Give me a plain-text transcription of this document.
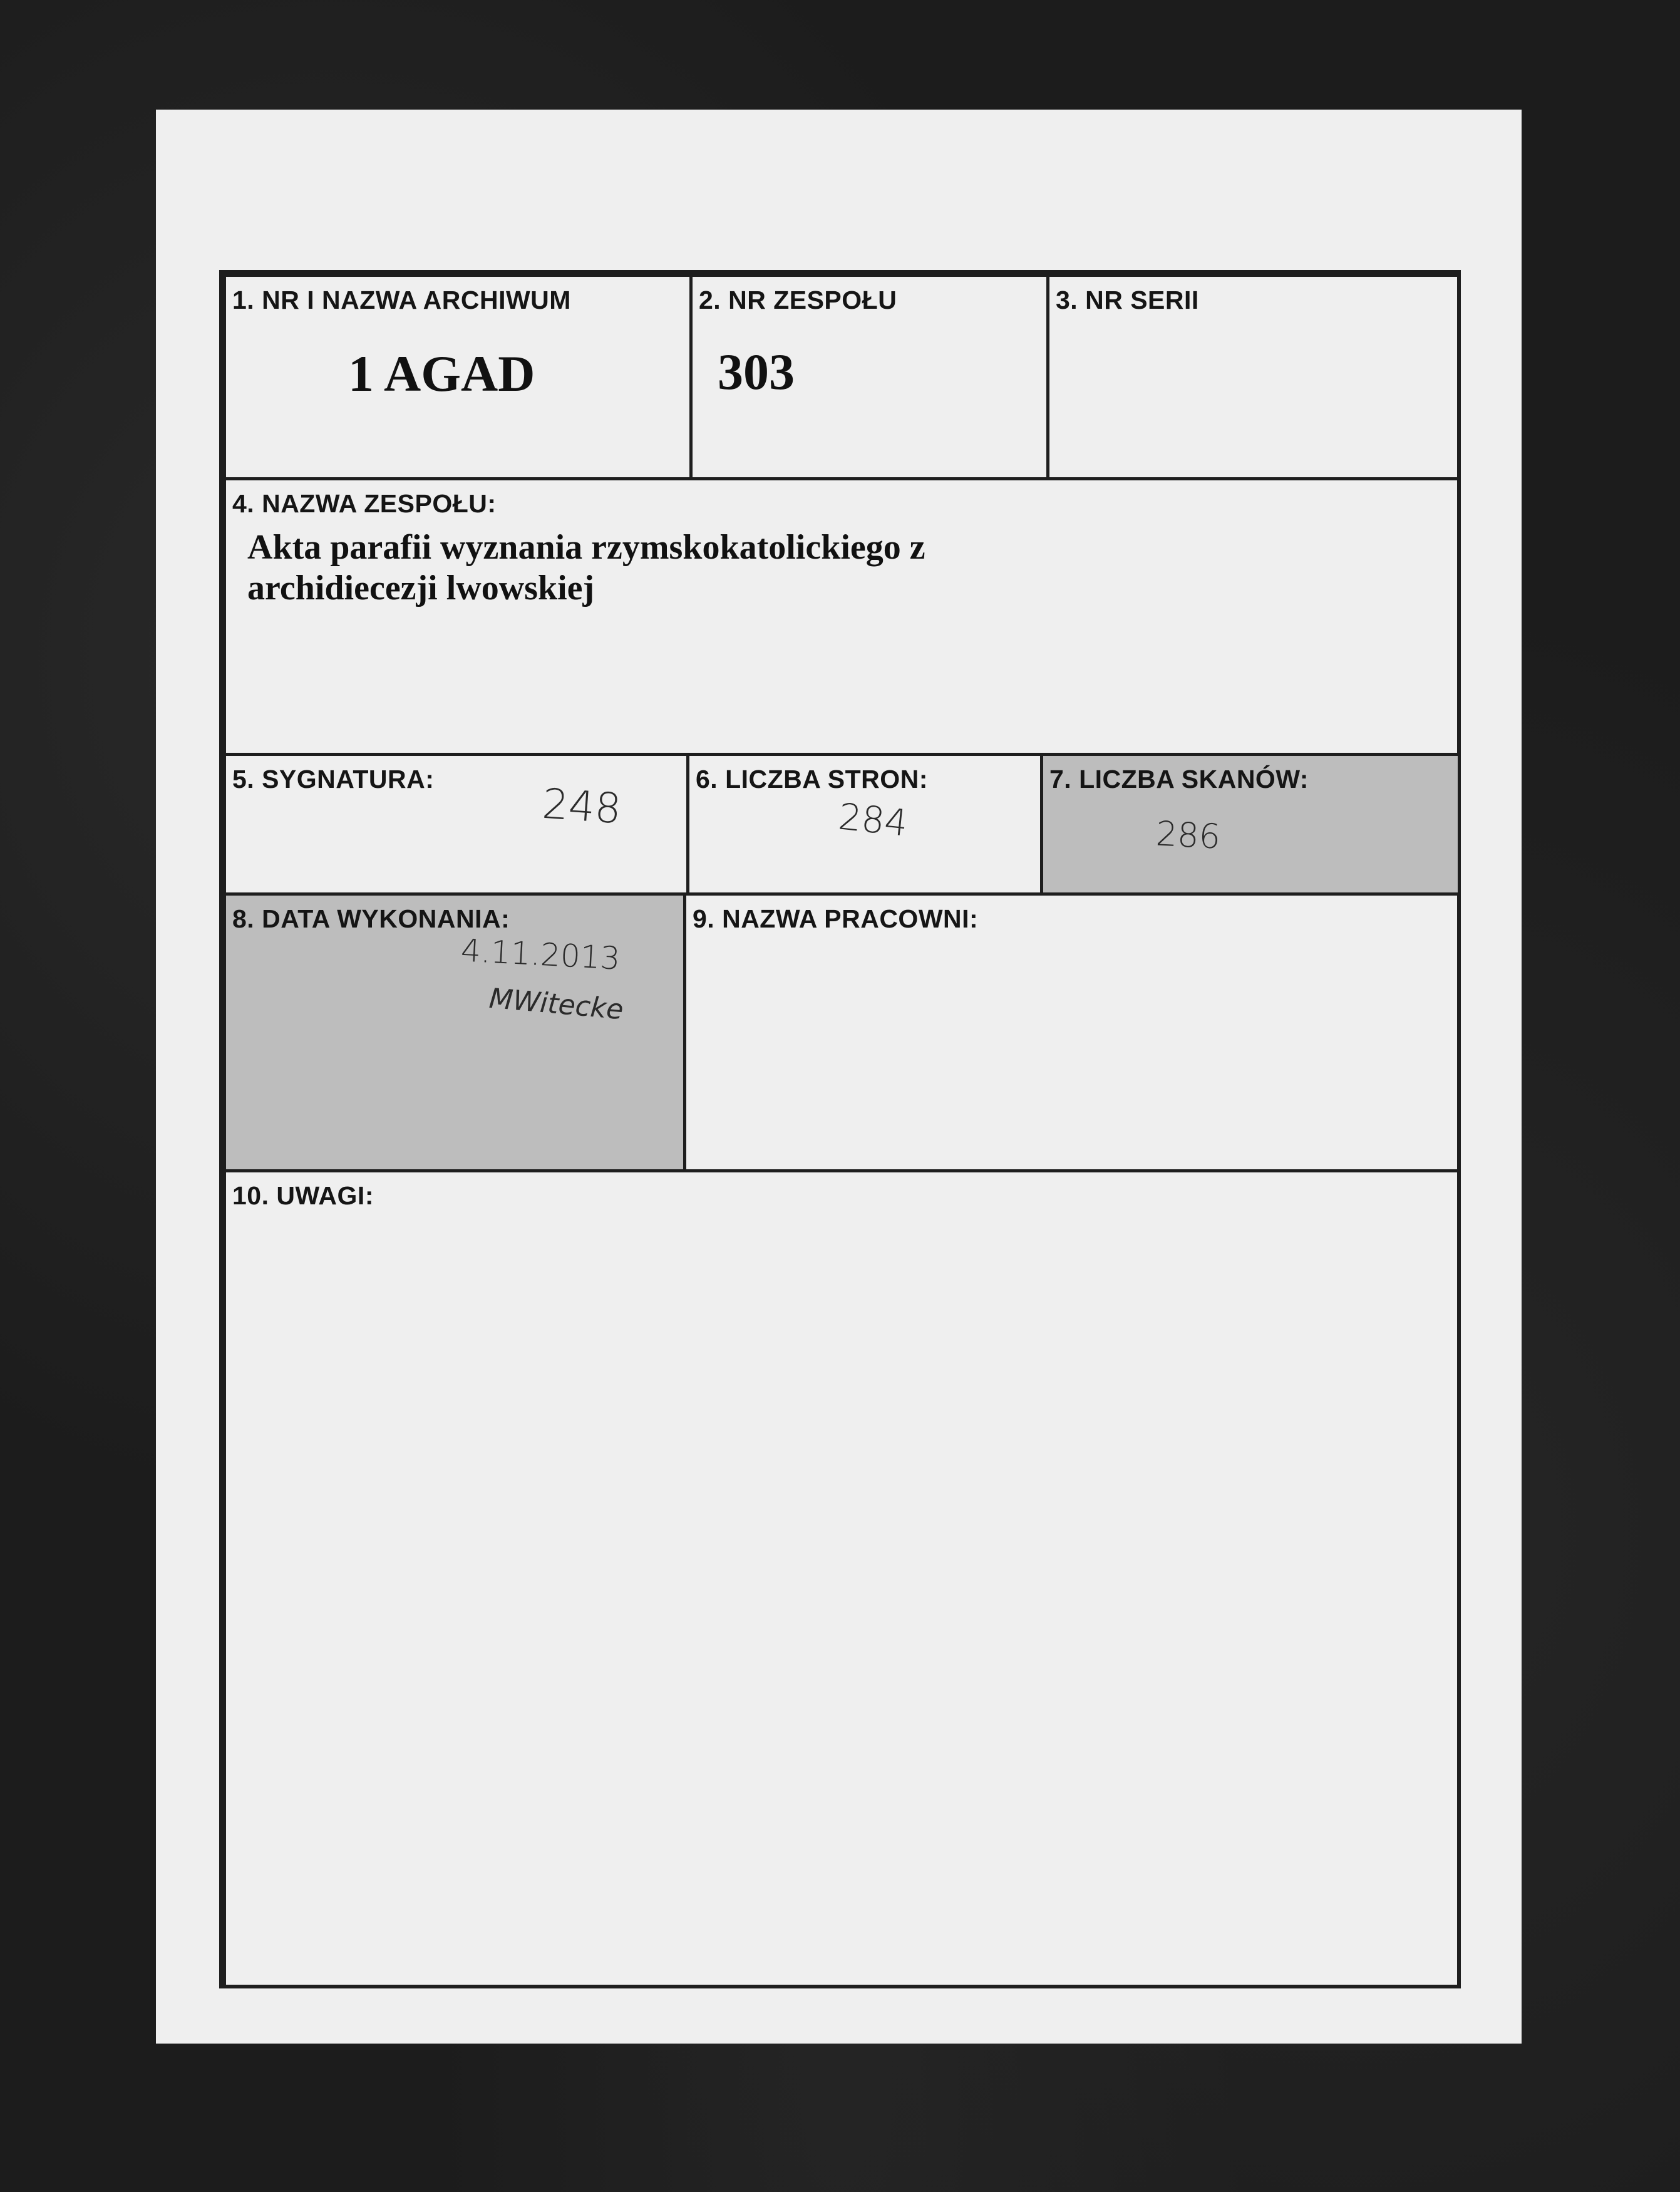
1. NR I NAZWA ARCHIWUM
1 AGAD
2. NR ZESPOŁU
303
3. NR SERII
4. NAZWA ZESPOŁU:
Akta parafii wyznania rzymskokatolickiego z
archidiecezji lwowskiej
5. SYGNATURA:
248
6. LICZBA STRON:
284
7. LICZBA SKANÓW:
286
8. DATA WYKONANIA:
4.11.2013
MWitecke
9. NAZWA PRACOWNI:
10. UWAGI:
